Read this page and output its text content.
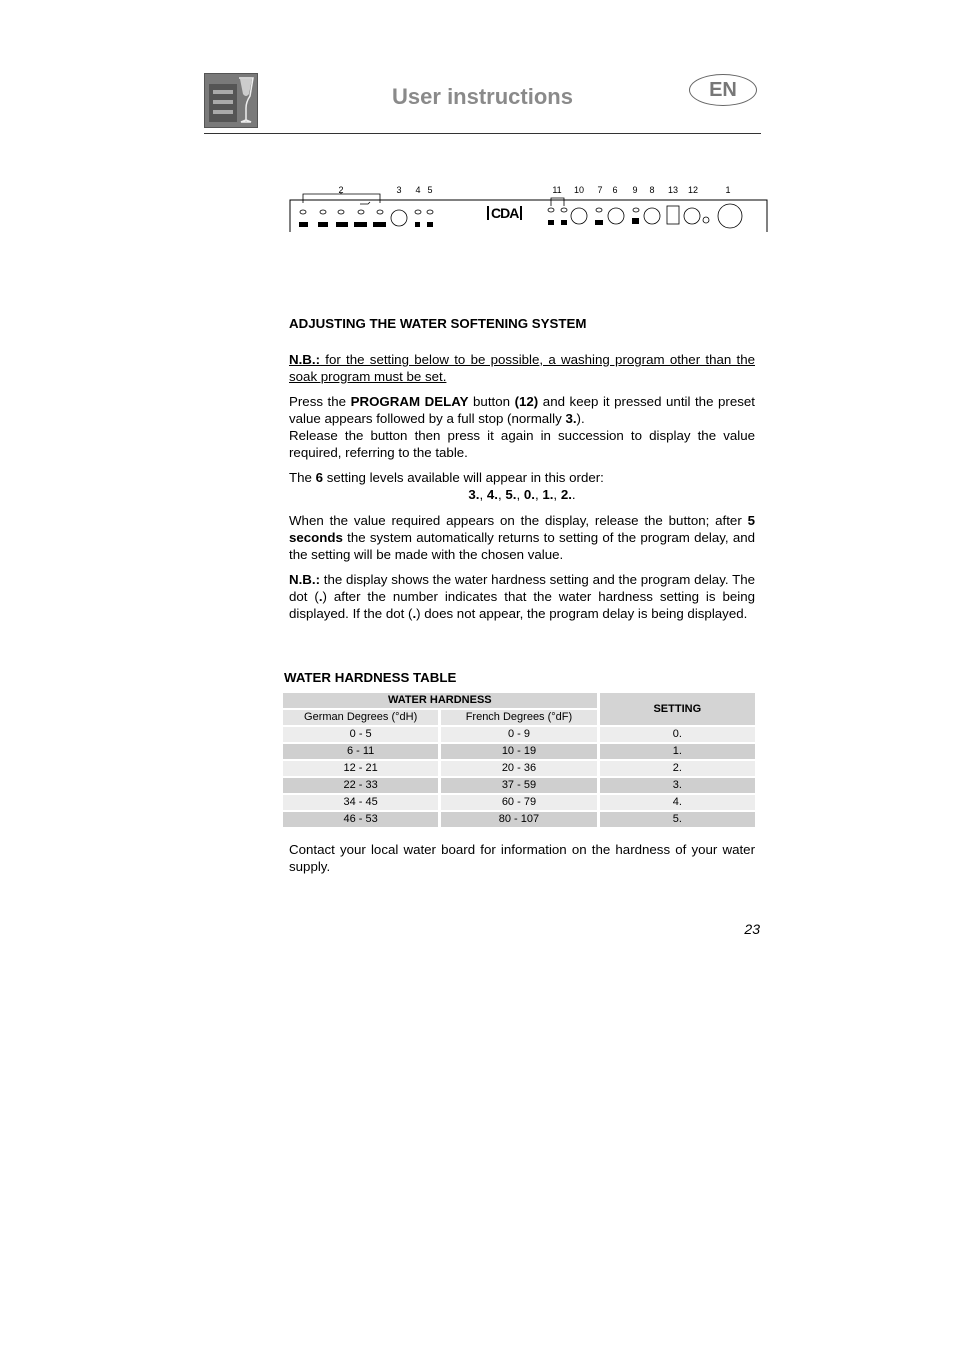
User instructions	EN
2	3 4 5	11 10 7 6 9 8 13 12	1
CDA
ADJUSTING THE WATER SOFTENING SYSTEM
N.B.: for the setting below to be possible, a washing program other than the soak program must be set.
Press the PROGRAM DELAY button (12) and keep it pressed until the preset value appears followed by a full stop (normally 3.).
Release the button then press it again in succession to display the value required, referring to the table.
The 6 setting levels available will appear in this order:
3., 4., 5., 0., 1., 2..
When the value required appears on the display, release the button; after 5 seconds the system automatically returns to setting of the program delay, and the setting will be made with the chosen value.
N.B.: the display shows the water hardness setting and the program delay. The dot (.) after the number indicates that the water hardness setting is being displayed. If the dot (.) does not appear, the program delay is being displayed.
WATER HARDNESS TABLE
WATER HARDNESS		SETTING
German Degrees (°dH)	French Degrees (°dF)	
0 - 5	0 - 9	0.
6 - 11	10 - 19	1.
12 - 21	20 - 36	2.
22 - 33	37 - 59	3.
34 - 45	60 - 79	4.
46 - 53	80 - 107	5.
Contact your local water board for information on the hardness of your water supply.
23
